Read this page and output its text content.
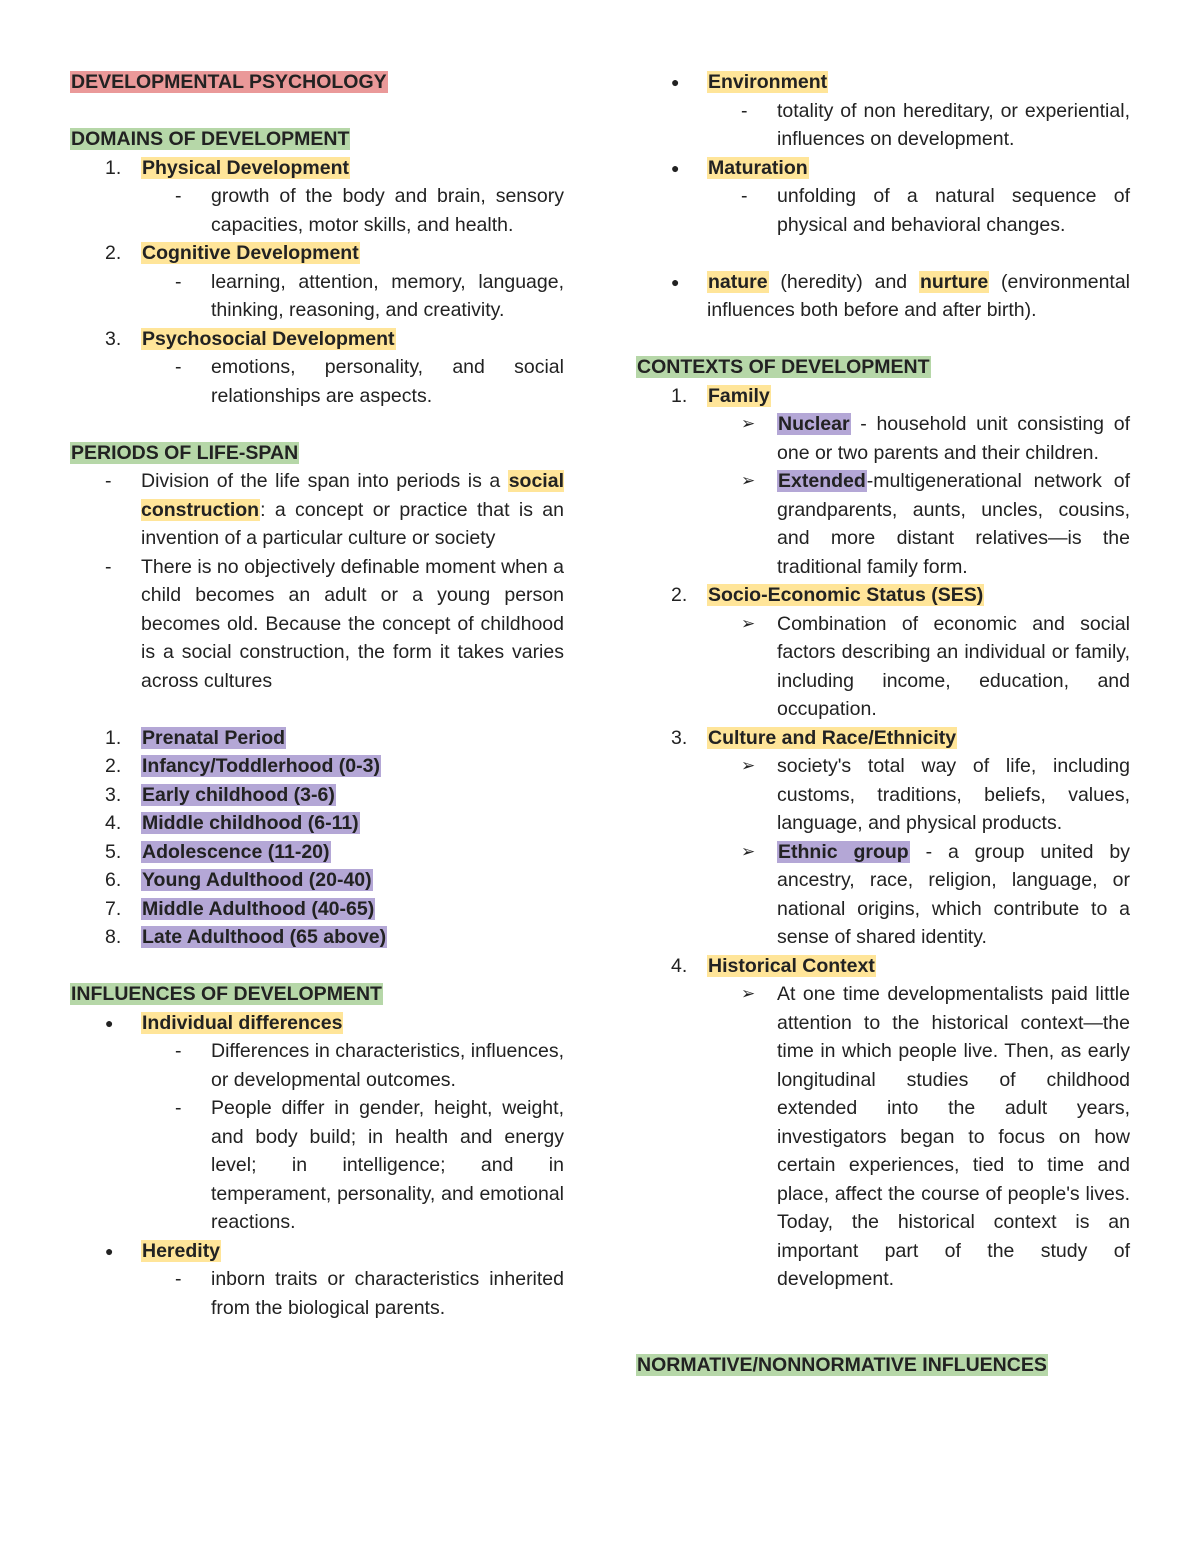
DEVELOPMENTAL PSYCHOLOGY

DOMAINS OF DEVELOPMENT

1. Physical Development
- growth of the body and brain, sensory capacities, motor skills, and health.
2. Cognitive Development
- learning, attention, memory, language, thinking, reasoning, and creativity.
3. Psychosocial Development
- emotions, personality, and social relationships are aspects.

PERIODS OF LIFE-SPAN

- Division of the life span into periods is a social construction: a concept or practice that is an invention of a particular culture or society
- There is no objectively definable moment when a child becomes an adult or a young person becomes old. Because the concept of childhood is a social construction, the form it takes varies across cultures
1. Prenatal Period
2. Infancy/Toddlerhood (0-3)
3. Early childhood (3-6)
4. Middle childhood (6-11)
5. Adolescence (11-20)
6. Young Adulthood (20-40)
7. Middle Adulthood (40-65)
8. Late Adulthood (65 above)

INFLUENCES OF DEVELOPMENT

● Individual differences
- Differences in characteristics, influences, or developmental outcomes.
- People differ in gender, height, weight, and body build; in health and energy level; in intelligence; and in temperament, personality, and emotional reactions.
● Heredity
- inborn traits or characteristics inherited from the biological parents.
● Environment
- totality of non hereditary, or experiential, influences on development.
● Maturation
- unfolding of a natural sequence of physical and behavioral changes.
● nature (heredity) and nurture (environmental influences both before and after birth).

CONTEXTS OF DEVELOPMENT

1. Family
➢ Nuclear - household unit consisting of one or two parents and their children.
➢ Extended-multigenerational network of grandparents, aunts, uncles, cousins, and more distant relatives—is the traditional family form.
2. Socio-Economic Status (SES)
➢ Combination of economic and social factors describing an individual or family, including income, education, and occupation.
3. Culture and Race/Ethnicity
➢ society's total way of life, including customs, traditions, beliefs, values, language, and physical products.
➢ Ethnic group - a group united by ancestry, race, religion, language, or national origins, which contribute to a sense of shared identity.
4. Historical Context
➢ At one time developmentalists paid little attention to the historical context—the time in which people live. Then, as early longitudinal studies of childhood extended into the adult years, investigators began to focus on how certain experiences, tied to time and place, affect the course of people's lives. Today, the historical context is an important part of the study of development.

NORMATIVE/NONNORMATIVE INFLUENCES
